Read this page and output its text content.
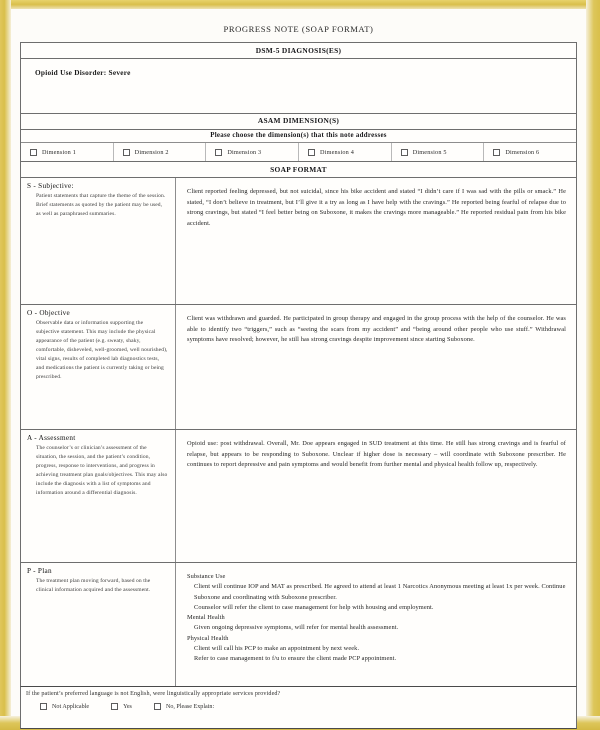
PROGRESS NOTE (SOAP FORMAT)
DSM-5 DIAGNOSIS(ES)
Opioid Use Disorder: Severe
ASAM DIMENSION(S)
Please choose the dimension(s) that this note addresses
Dimension 1	Dimension 2	Dimension 3	Dimension 4	Dimension 5	Dimension 6
SOAP FORMAT
S - Subjective:
Patient statements that capture the theme of the session. Brief statements as quoted by the patient may be used, as well as paraphrased summaries.
Client reported feeling depressed, but not suicidal, since his bike accident and stated “I didn’t care if I was sad with the pills or smack.” He stated, “I don’t believe in treatment, but I’ll give it a try as long as I have help with the cravings.” He reported being fearful of relapse due to strong cravings, but stated “I feel better being on Suboxone, it makes the cravings more manageable.” He reported residual pain from his bike accident.
O - Objective
Observable data or information supporting the subjective statement. This may include the physical appearance of the patient (e.g. sweaty, shaky, comfortable, disheveled, well-groomed, well nourished), vital signs, results of completed lab diagnostics tests, and medications the patient is currently taking or being prescribed.
Client was withdrawn and guarded. He participated in group therapy and engaged in the group process with the help of the counselor. He was able to identify two “triggers,” such as “seeing the scars from my accident” and “being around other people who use stuff.” Withdrawal symptoms have resolved; however, he still has strong cravings despite improvement since starting Suboxone.
A - Assessment
The counselor’s or clinician’s assessment of the situation, the session, and the patient’s condition, progress, response to interventions, and progress in achieving treatment plan goals/objectives. This may also include the diagnosis with a list of symptoms and information around a differential diagnosis.
Opioid use: post withdrawal. Overall, Mr. Doe appears engaged in SUD treatment at this time. He still has strong cravings and is fearful of relapse, but appears to be responding to Suboxone. Unclear if higher dose is necessary – will coordinate with Suboxone prescriber. He continues to report depressive and pain symptoms and would benefit from further mental and physical health follow up, respectively.
P - Plan
The treatment plan moving forward, based on the clinical information acquired and the assessment.
Substance Use
Client will continue IOP and MAT as prescribed. He agreed to attend at least 1 Narcotics Anonymous meeting at least 1x per week. Continue Suboxone and coordinating with Suboxone prescriber.
Counselor will refer the client to case management for help with housing and employment.
Mental Health
Given ongoing depressive symptoms, will refer for mental health assessment.
Physical Health
Client will call his PCP to make an appointment by next week.
Refer to case management to f/u to ensure the client made PCP appointment.
If the patient’s preferred language is not English, were linguistically appropriate services provided?
Not Applicable	Yes	No, Please Explain:
